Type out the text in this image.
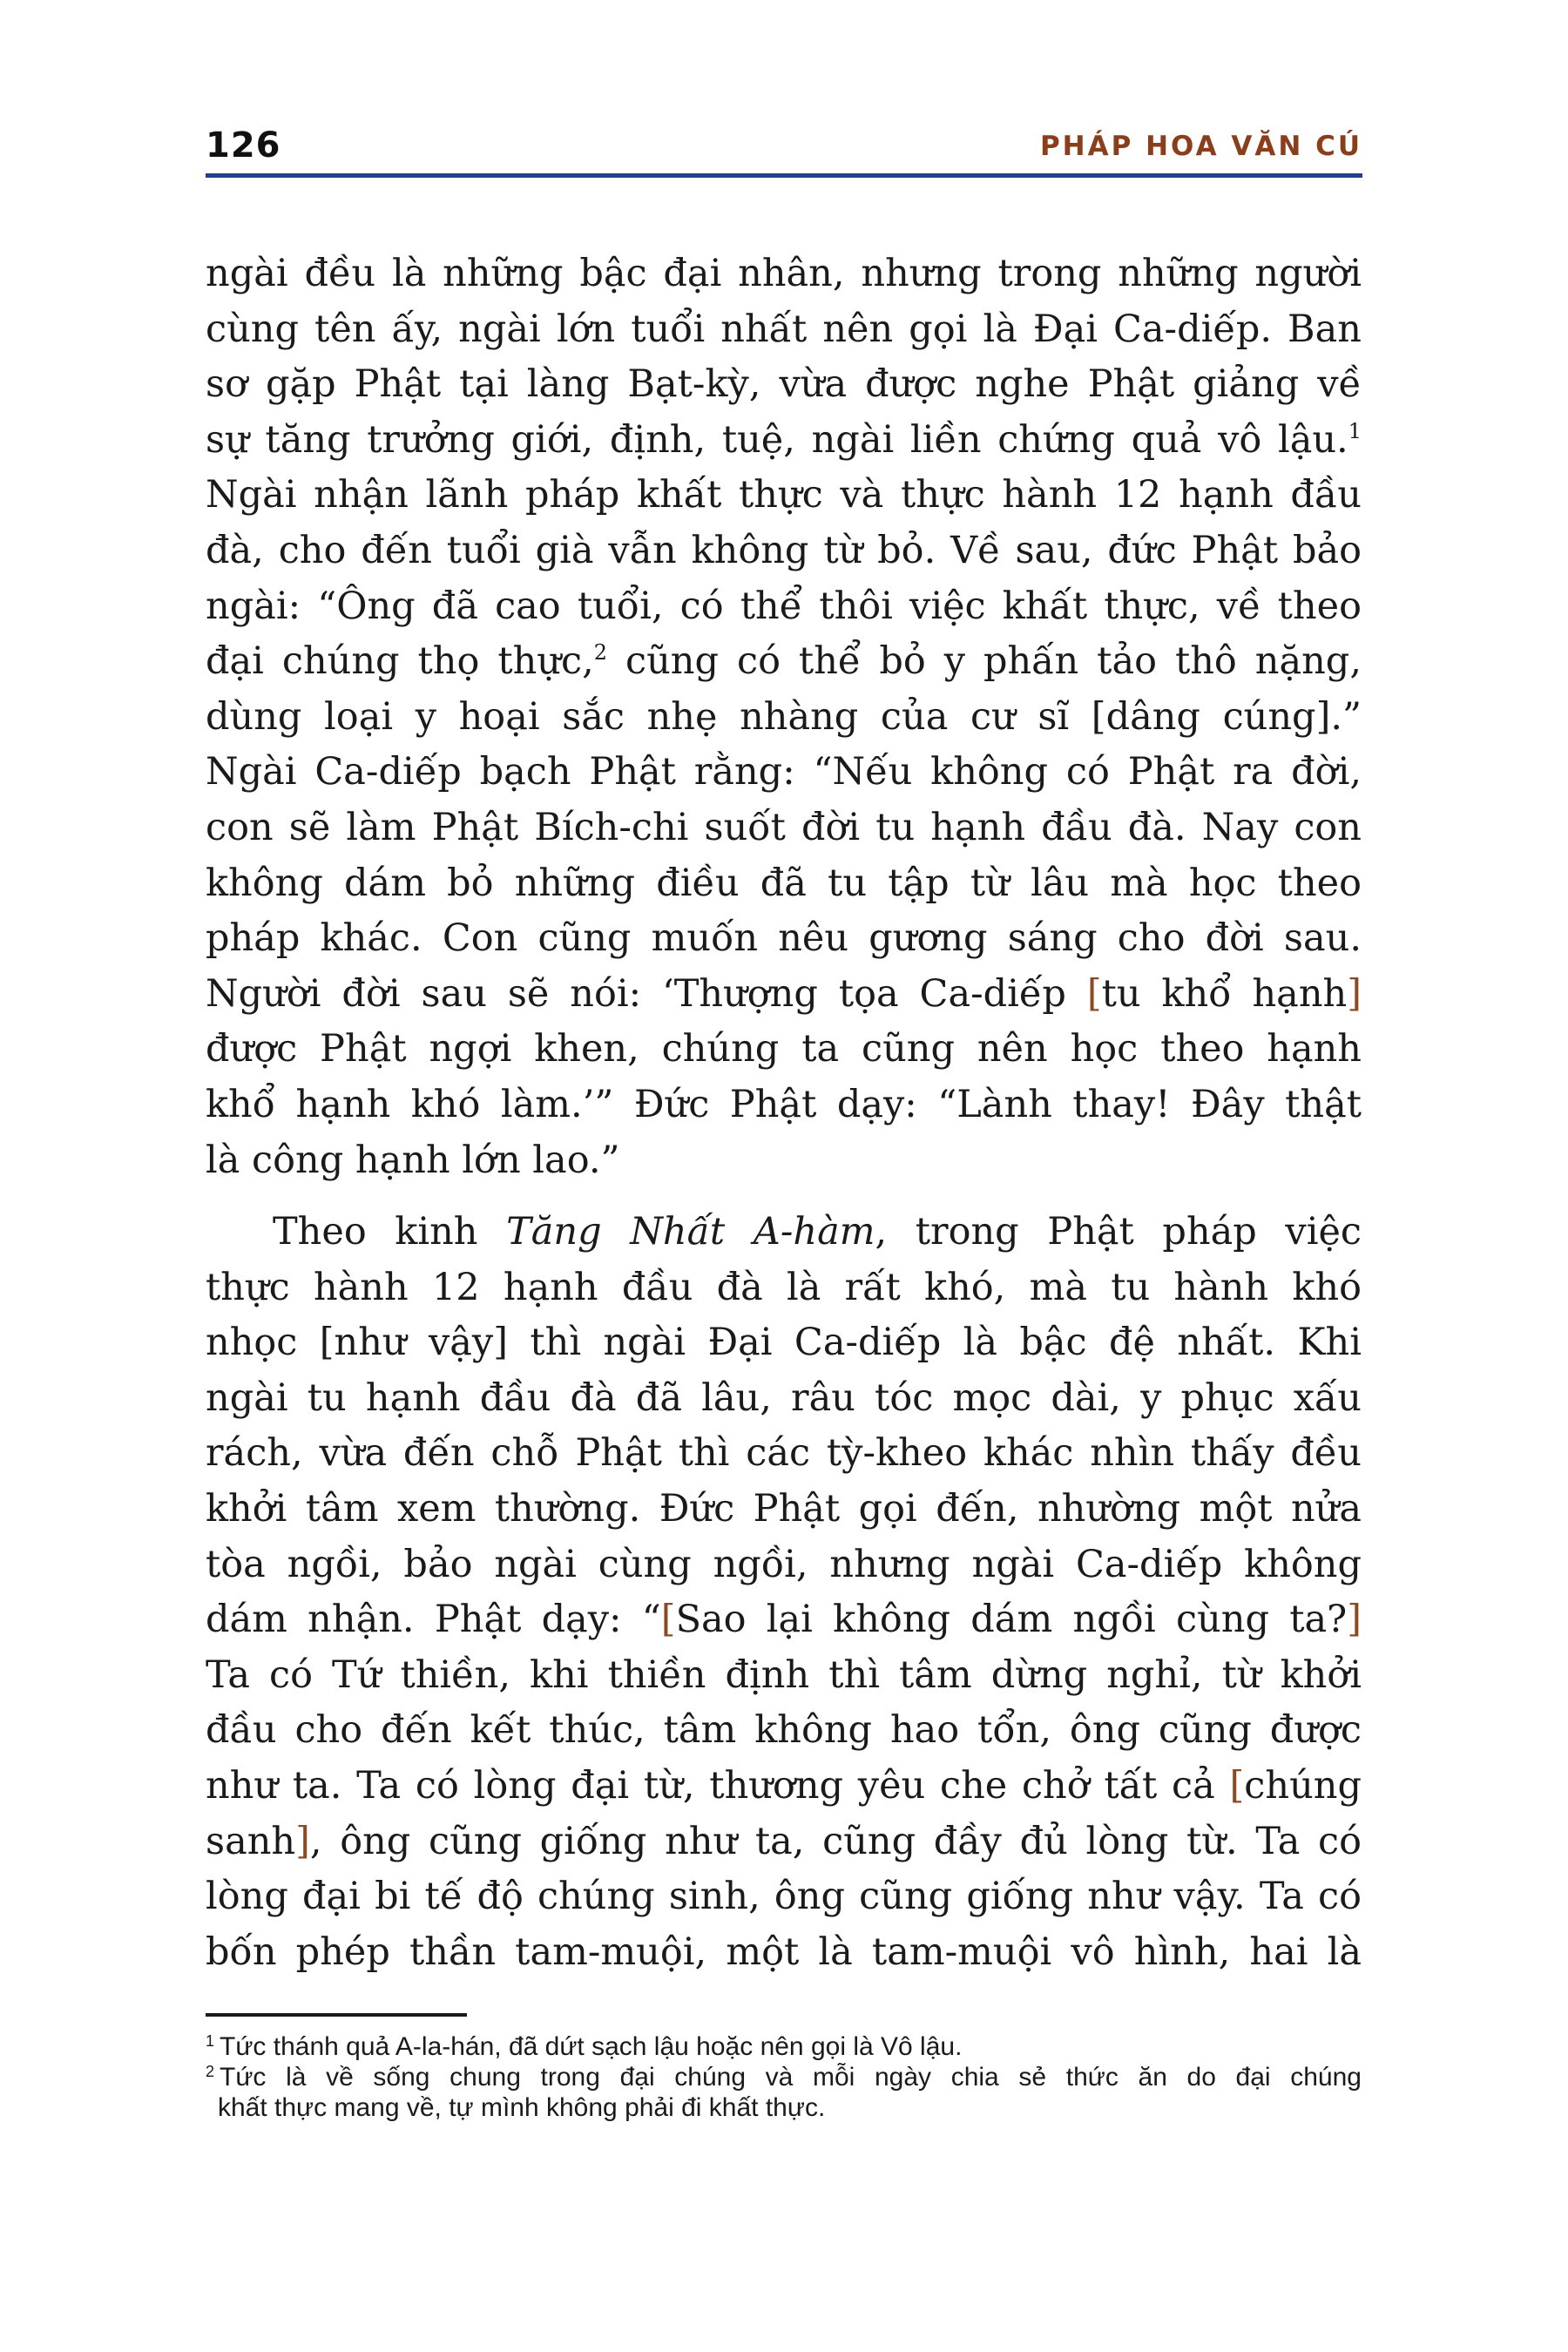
126	PHÁP HOA VĂN CÚ
ngài đều là những bậc đại nhân, nhưng trong những người
cùng tên ấy, ngài lớn tuổi nhất nên gọi là Đại Ca-diếp. Ban
sơ gặp Phật tại làng Bạt-kỳ, vừa được nghe Phật giảng về
sự tăng trưởng giới, định, tuệ, ngài liền chứng quả vô lậu.$^1$
Ngài nhận lãnh pháp khất thực và thực hành 12 hạnh đầu
đà, cho đến tuổi già vẫn không từ bỏ. Về sau, đức Phật bảo
ngài: “Ông đã cao tuổi, có thể thôi việc khất thực, về theo
đại chúng thọ thực,$^2$ cũng có thể bỏ y phấn tảo thô nặng,
dùng loại y hoại sắc nhẹ nhàng của cư sĩ [dâng cúng].”
Ngài Ca-diếp bạch Phật rằng: “Nếu không có Phật ra đời,
con sẽ làm Phật Bích-chi suốt đời tu hạnh đầu đà. Nay con
không dám bỏ những điều đã tu tập từ lâu mà học theo
pháp khác. Con cũng muốn nêu gương sáng cho đời sau.
Người đời sau sẽ nói: ‘Thượng tọa Ca-diếp [tu khổ hạnh]
được Phật ngợi khen, chúng ta cũng nên học theo hạnh
khổ hạnh khó làm.’” Đức Phật dạy: “Lành thay! Đây thật
là công hạnh lớn lao.”
Theo kinh Tăng Nhất A-hàm, trong Phật pháp việc
thực hành 12 hạnh đầu đà là rất khó, mà tu hành khó
nhọc [như vậy] thì ngài Đại Ca-diếp là bậc đệ nhất. Khi
ngài tu hạnh đầu đà đã lâu, râu tóc mọc dài, y phục xấu
rách, vừa đến chỗ Phật thì các tỳ-kheo khác nhìn thấy đều
khởi tâm xem thường. Đức Phật gọi đến, nhường một nửa
tòa ngồi, bảo ngài cùng ngồi, nhưng ngài Ca-diếp không
dám nhận. Phật dạy: “[Sao lại không dám ngồi cùng ta?]
Ta có Tứ thiền, khi thiền định thì tâm dừng nghỉ, từ khởi
đầu cho đến kết thúc, tâm không hao tổn, ông cũng được
như ta. Ta có lòng đại từ, thương yêu che chở tất cả [chúng
sanh], ông cũng giống như ta, cũng đầy đủ lòng từ. Ta có
lòng đại bi tế độ chúng sinh, ông cũng giống như vậy. Ta có
bốn phép thần tam-muội, một là tam-muội vô hình, hai là
$^1$ Tức thánh quả A-la-hán, đã dứt sạch lậu hoặc nên gọi là Vô lậu.
$^2$ Tức là về sống chung trong đại chúng và mỗi ngày chia sẻ thức ăn do đại chúng
khất thực mang về, tự mình không phải đi khất thực.
